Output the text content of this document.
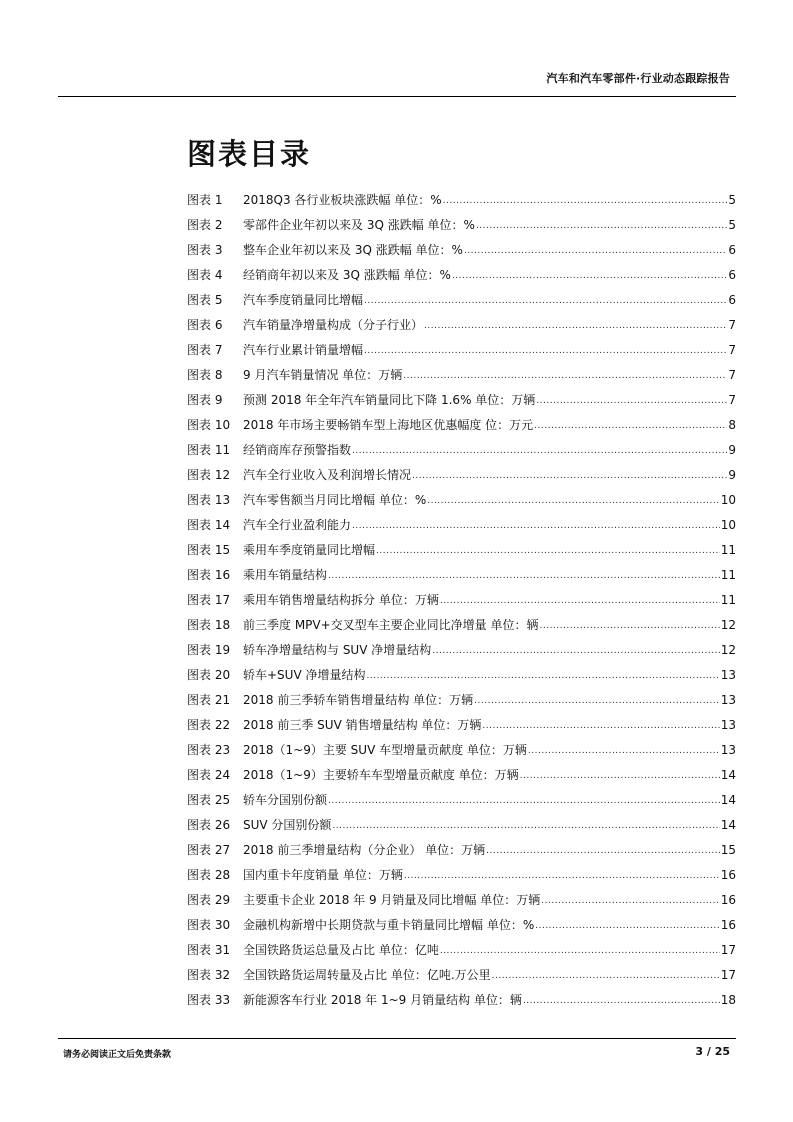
汽车和汽车零部件·行业动态跟踪报告
图表目录
图表 1	2018Q3 各行业板块涨跌幅 单位：% .....	5
图表 2	零部件企业年初以来及 3Q 涨跌幅 单位：% .....	5
图表 3	整车企业年初以来及 3Q 涨跌幅 单位：% .....	6
图表 4	经销商年初以来及 3Q 涨跌幅 单位：% .....	6
图表 5	汽车季度销量同比增幅 .....	6
图表 6	汽车销量净增量构成（分子行业） .....	7
图表 7	汽车行业累计销量增幅 .....	7
图表 8	9 月汽车销量情况 单位：万辆 .....	7
图表 9	预测 2018 年全年汽车销量同比下降 1.6% 单位：万辆 .....	7
图表 10	2018 年市场主要畅销车型上海地区优惠幅度 位：万元 .....	8
图表 11	经销商库存预警指数 .....	9
图表 12	汽车全行业收入及利润增长情况 .....	9
图表 13	汽车零售额当月同比增幅 单位：% .....	10
图表 14	汽车全行业盈利能力 .....	10
图表 15	乘用车季度销量同比增幅 .....	11
图表 16	乘用车销量结构 .....	11
图表 17	乘用车销售增量结构拆分 单位：万辆 .....	11
图表 18	前三季度 MPV+交叉型车主要企业同比净增量 单位：辆 .....	12
图表 19	轿车净增量结构与 SUV 净增量结构 .....	12
图表 20	轿车+SUV 净增量结构 .....	13
图表 21	2018 前三季轿车销售增量结构 单位：万辆 .....	13
图表 22	2018 前三季 SUV 销售增量结构 单位：万辆 .....	13
图表 23	2018（1~9）主要 SUV 车型增量贡献度 单位：万辆 .....	13
图表 24	2018（1~9）主要轿车车型增量贡献度 单位：万辆 .....	14
图表 25	轿车分国别份额 .....	14
图表 26	SUV 分国别份额 .....	14
图表 27	2018 前三季增量结构（分企业） 单位：万辆 .....	15
图表 28	国内重卡年度销量 单位：万辆 .....	16
图表 29	主要重卡企业 2018 年 9 月销量及同比增幅 单位：万辆 .....	16
图表 30	金融机构新增中长期贷款与重卡销量同比增幅 单位：% .....	16
图表 31	全国铁路货运总量及占比 单位：亿吨 .....	17
图表 32	全国铁路货运周转量及占比 单位：亿吨.万公里 .....	17
图表 33	新能源客车行业 2018 年 1~9 月销量结构 单位：辆 .....	18
请务必阅读正文后免责条款	3 / 25
